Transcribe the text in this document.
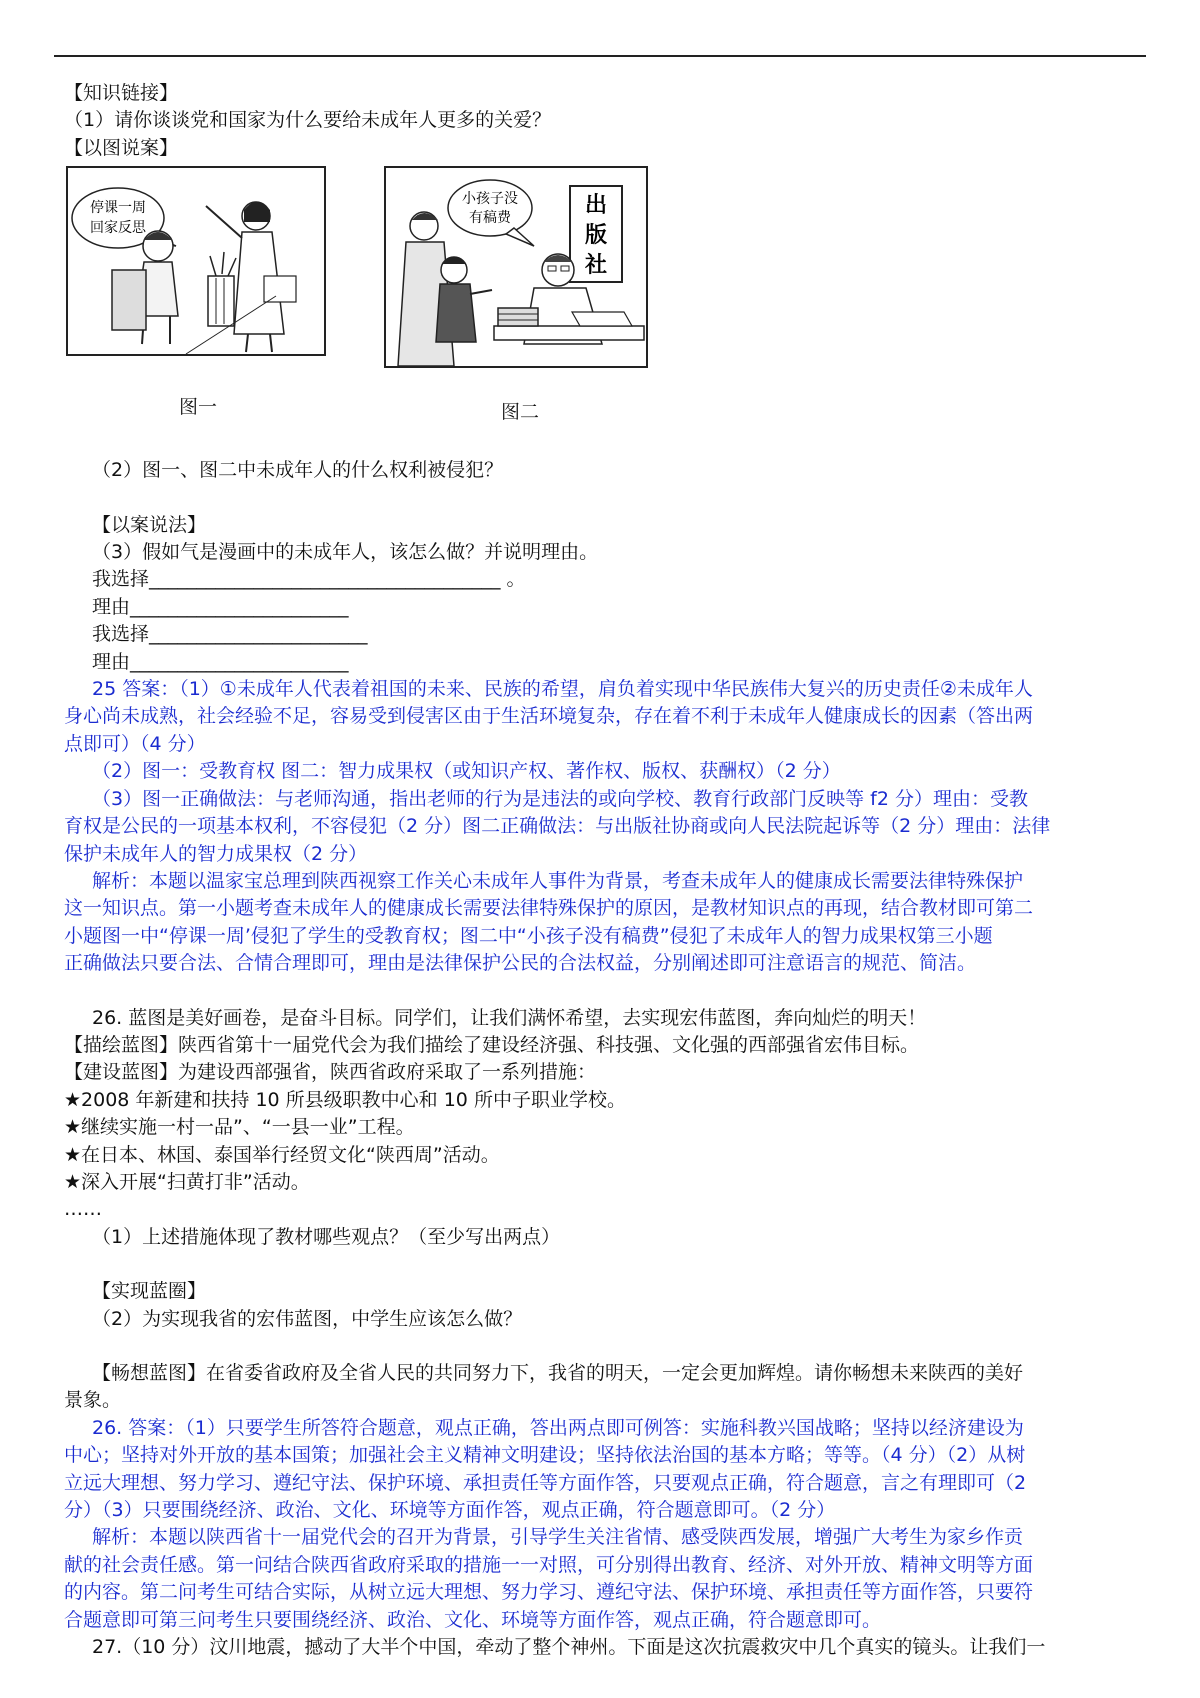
【知识链接】
（1）请你谈谈党和国家为什么要给未成年人更多的关爱？
【以图说案】
停课一周
回家反思
小孩子没
有稿费	出
版
社
图一	图二
（2）图一、图二中未成年人的什么权利被侵犯？
【以案说法】
（3）假如气是漫画中的未成年人，该怎么做？并说明理由。
我选择_____________________________________ 。
理由_______________________
我选择_______________________
理由_______________________
25 答案：（1）①未成年人代表着祖国的未来、民族的希望，肩负着实现中华民族伟大复兴的历史责任②未成年人
身心尚未成熟，社会经验不足，容易受到侵害区由于生活环境复杂，存在着不利于未成年人健康成长的因素（答出两
点即可）（4 分）
（2）图一：受教育权 图二：智力成果权（或知识产权、著作权、版权、获酬权）（2 分）
（3）图一正确做法：与老师沟通，指出老师的行为是违法的或向学校、教育行政部门反映等 f2 分）理由：受教
育权是公民的一项基本权利，不容侵犯（2 分）图二正确做法：与出版社协商或向人民法院起诉等（2 分）理由：法律
保护未成年人的智力成果权（2 分）
解析：本题以温家宝总理到陕西视察工作关心未成年人事件为背景，考查未成年人的健康成长需要法律特殊保护
这一知识点。第一小题考查未成年人的健康成长需要法律特殊保护的原因，是教材知识点的再现，结合教材即可第二
小题图一中“停课一周’侵犯了学生的受教育权；图二中“小孩子没有稿费”侵犯了未成年人的智力成果权第三小题
正确做法只要合法、合情合理即可，理由是法律保护公民的合法权益，分别阐述即可注意语言的规范、简洁。
26. 蓝图是美好画卷，是奋斗目标。同学们，让我们满怀希望，去实现宏伟蓝图，奔向灿烂的明天！
【描绘蓝图】陕西省第十一届党代会为我们描绘了建设经济强、科技强、文化强的西部强省宏伟目标。
【建设蓝图】为建设西部强省，陕西省政府采取了一系列措施：
★2008 年新建和扶持 10 所县级职教中心和 10 所中子职业学校。
★继续实施一村一品”、“一县一业”工程。
★在日本、林国、泰国举行经贸文化“陕西周”活动。
★深入开展“扫黄打非”活动。
……
（1）上述措施体现了教材哪些观点？（至少写出两点）
【实现蓝圈】
（2）为实现我省的宏伟蓝图，中学生应该怎么做？
【畅想蓝图】在省委省政府及全省人民的共同努力下，我省的明天，一定会更加辉煌。请你畅想未来陕西的美好
景象。
26. 答案：（1）只要学生所答符合题意，观点正确，答出两点即可例答：实施科教兴国战略；坚持以经济建设为
中心；坚持对外开放的基本国策；加强社会主义精神文明建设；坚持依法治国的基本方略；等等。（4 分）（2）从树
立远大理想、努力学习、遵纪守法、保护环境、承担责任等方面作答，只要观点正确，符合题意，言之有理即可（2
分）（3）只要围绕经济、政治、文化、环境等方面作答，观点正确，符合题意即可。（2 分）
解析：本题以陕西省十一届党代会的召开为背景，引导学生关注省情、感受陕西发展，增强广大考生为家乡作贡
献的社会责任感。第一问结合陕西省政府采取的措施一一对照，可分别得出教育、经济、对外开放、精神文明等方面
的内容。第二问考生可结合实际，从树立远大理想、努力学习、遵纪守法、保护环境、承担责任等方面作答，只要符
合题意即可第三问考生只要围绕经济、政治、文化、环境等方面作答，观点正确，符合题意即可。
27.（10 分）汶川地震，撼动了大半个中国，牵动了整个神州。下面是这次抗震救灾中几个真实的镜头。让我们一
